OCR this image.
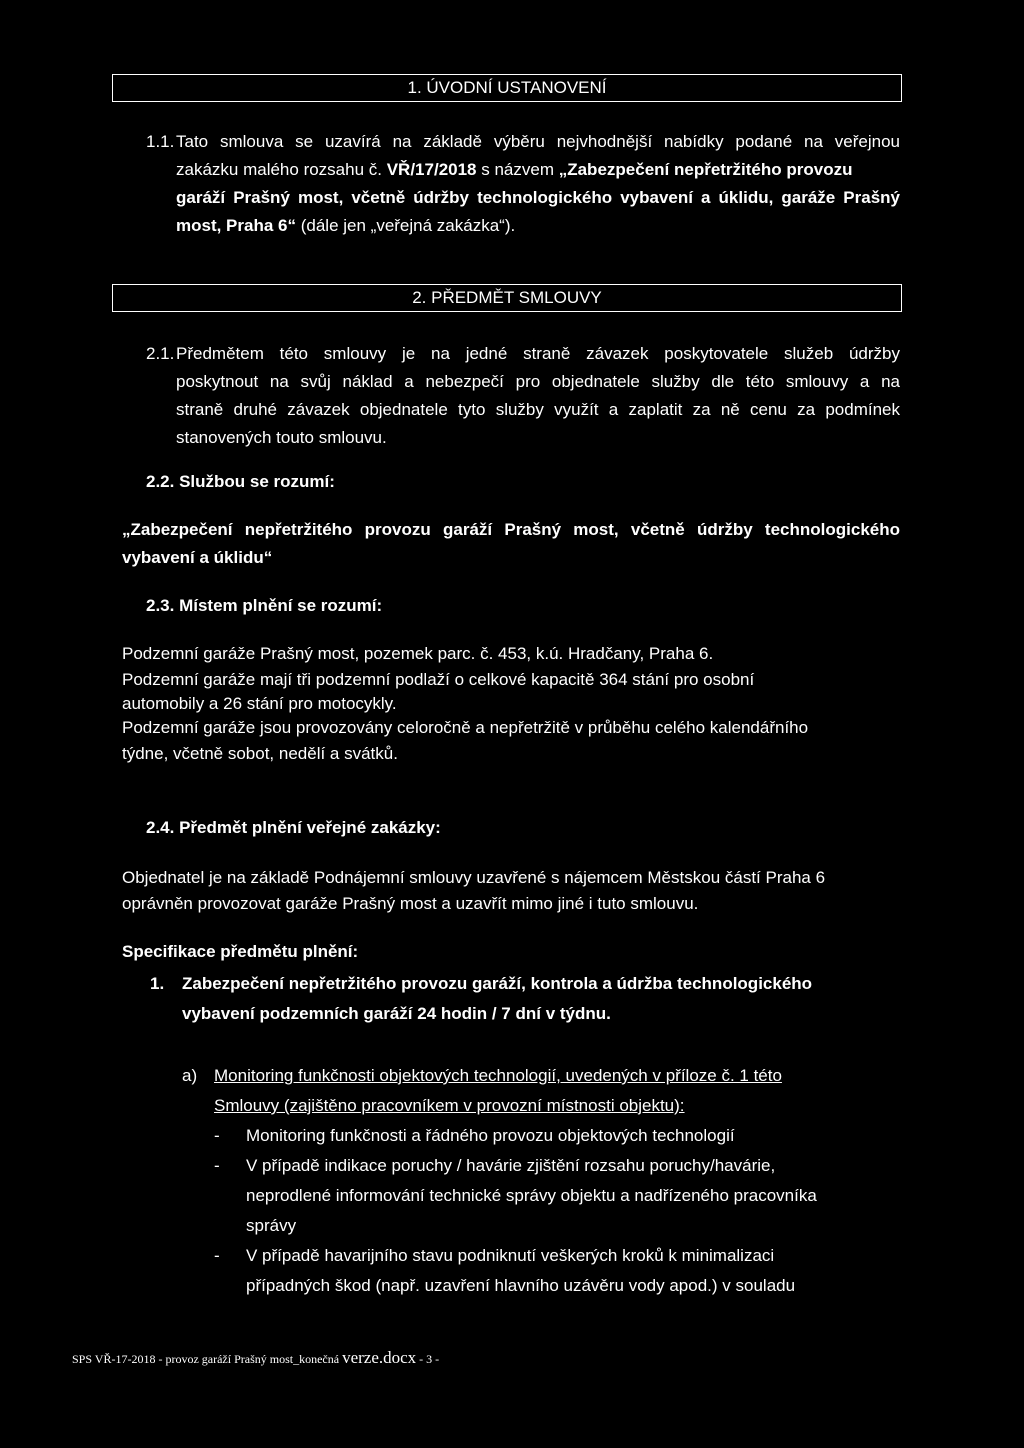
1. ÚVODNÍ USTANOVENÍ
1.1. Tato smlouva se uzavírá na základě výběru nejvhodnější nabídky podané na veřejnou
zakázku malého rozsahu č. VŘ/17/2018 s názvem „Zabezpečení nepřetržitého provozu
garáží Prašný most, včetně údržby technologického vybavení a úklidu, garáže Prašný
most, Praha 6“ (dále jen „veřejná zakázka“).
2. PŘEDMĚT SMLOUVY
2.1. Předmětem této smlouvy je na jedné straně závazek poskytovatele služeb údržby
poskytnout na svůj náklad a nebezpečí pro objednatele služby dle této smlouvy a na
straně druhé závazek objednatele tyto služby využít a zaplatit za ně cenu za podmínek
stanovených touto smlouvu.
2.2. Službou se rozumí:
„Zabezpečení nepřetržitého provozu garáží Prašný most, včetně údržby technologického
vybavení a úklidu“
2.3. Místem plnění se rozumí:
Podzemní garáže Prašný most, pozemek parc. č. 453, k.ú. Hradčany, Praha 6.
Podzemní garáže mají tři podzemní podlaží o celkové kapacitě 364 stání pro osobní
automobily a 26 stání pro motocykly.
Podzemní garáže jsou provozovány celoročně a nepřetržitě v průběhu celého kalendářního
týdne, včetně sobot, nedělí a svátků.
2.4. Předmět plnění veřejné zakázky:
Objednatel je na základě Podnájemní smlouvy uzavřené s nájemcem Městskou částí Praha 6
oprávněn provozovat garáže Prašný most a uzavřít mimo jiné i tuto smlouvu.
Specifikace předmětu plnění:
1. Zabezpečení nepřetržitého provozu garáží, kontrola a údržba technologického
vybavení podzemních garáží 24 hodin / 7 dní v týdnu.
a) Monitoring funkčnosti objektových technologií, uvedených v příloze č. 1 této
Smlouvy (zajištěno pracovníkem v provozní místnosti objektu):
- Monitoring funkčnosti a řádného provozu objektových technologií
- V případě indikace poruchy / havárie zjištění rozsahu poruchy/havárie,
neprodlené informování technické správy objektu a nadřízeného pracovníka
správy
- V případě havarijního stavu podniknutí veškerých kroků k minimalizaci
případných škod (např. uzavření hlavního uzávěru vody apod.) v souladu
SPS VŘ-17-2018 - provoz garáží Prašný most_konečná verze.docx - 3 -
